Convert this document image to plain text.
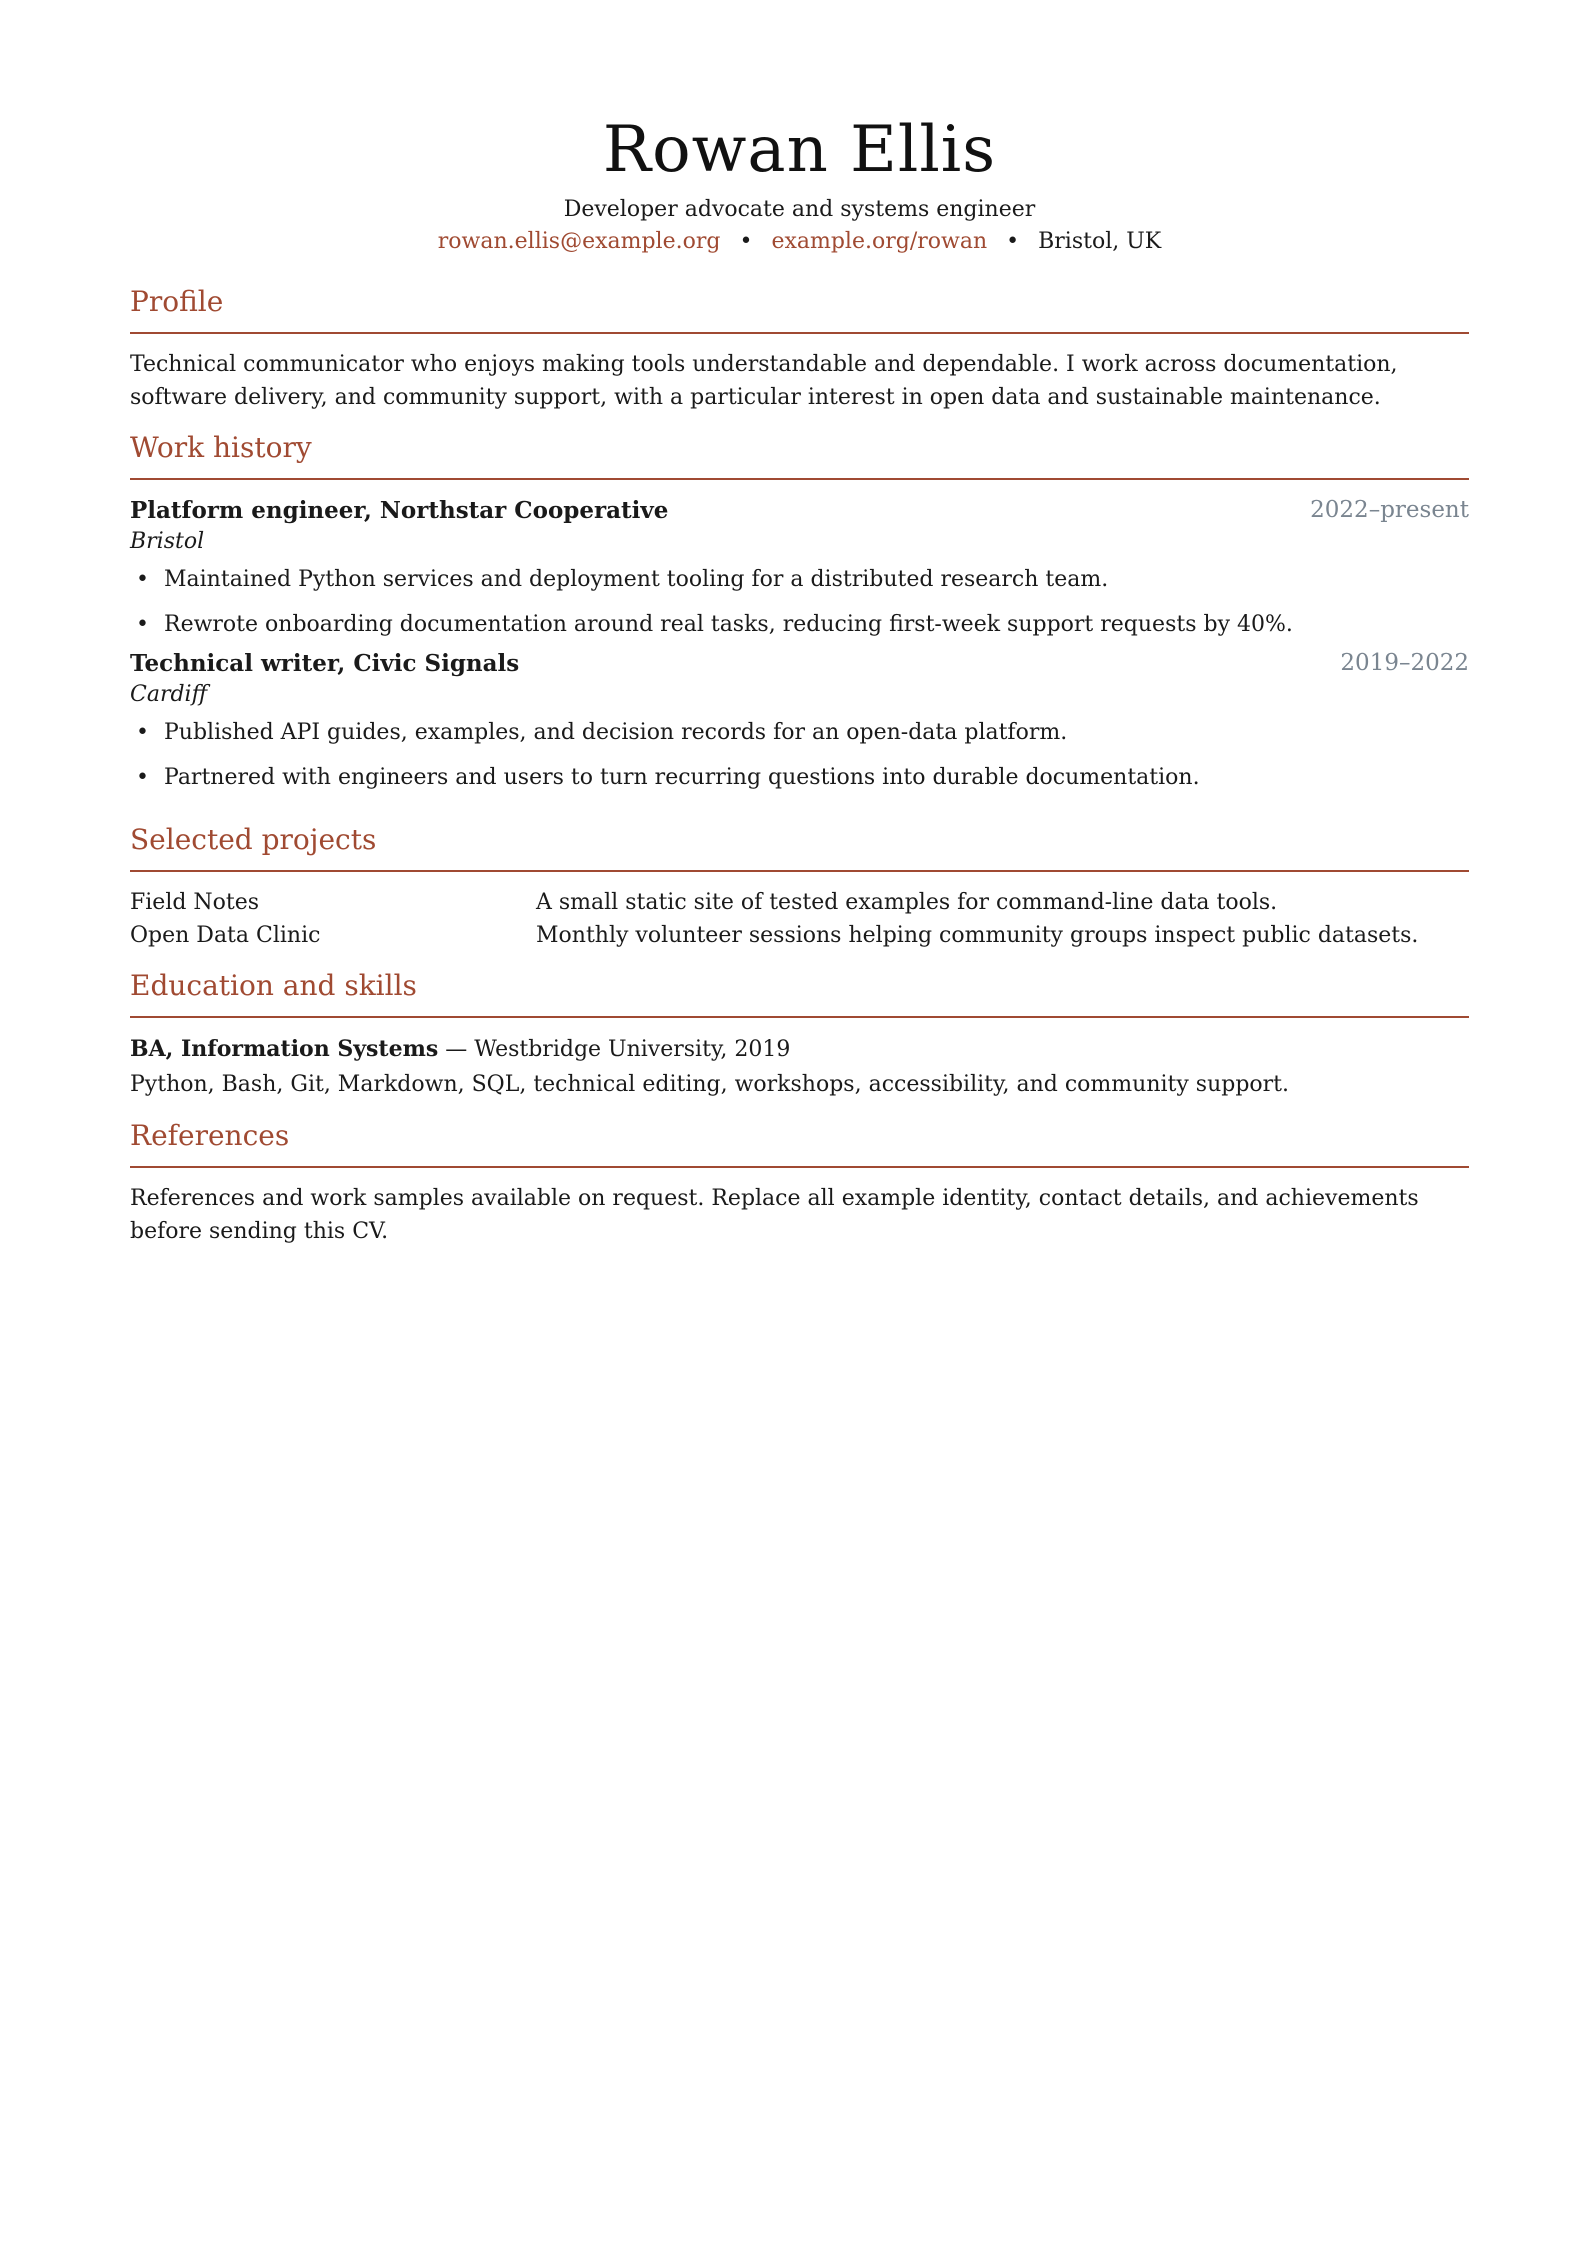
Rowan Ellis

Developer advocate and systems engineer

rowan.ellis@example.org • example.org/rowan • Bristol, UK

Profile

Technical communicator who enjoys making tools understandable and dependable. I work across documentation, software delivery, and community support, with a particular interest in open data and sustainable maintenance.

Work history
Platform engineer, Northstar Cooperative	2022–present
Bristol
• Maintained Python services and deployment tooling for a distributed research team.
• Rewrote onboarding documentation around real tasks, reducing first-week support requests by 40%.
Technical writer, Civic Signals	2019–2022
Cardiff
• Published API guides, examples, and decision records for an open-data platform.
• Partnered with engineers and users to turn recurring questions into durable documentation.
Selected projects
Field Notes	A small static site of tested examples for command-line data tools.
Open Data Clinic	Monthly volunteer sessions helping community groups inspect public datasets.
Education and skills
BA, Information Systems — Westbridge University, 2019
Python, Bash, Git, Markdown, SQL, technical editing, workshops, accessibility, and community support.
References

References and work samples available on request. Replace all example identity, contact details, and achievements before sending this CV.
